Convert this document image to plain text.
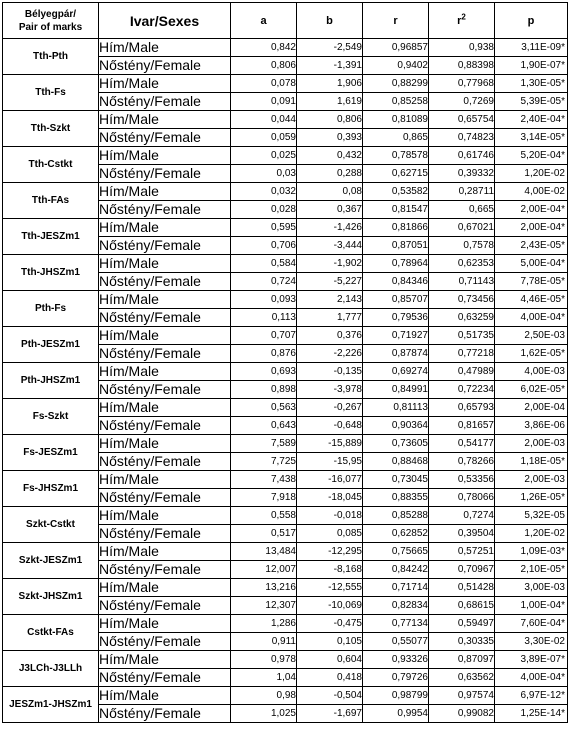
Bélyegpár/
Pair of marks	Ivar/Sexes	a	b	r	$r^2$	p
Tth-Pth	Hím/Male	0,842	-2,549	0,96857	0,938	3,11E-09*
	Nőstény/Female	0,806	-1,391	0,9402	0,88398	1,90E-07*
Tth-Fs	Hím/Male	0,078	1,906	0,88299	0,77968	1,30E-05*
	Nőstény/Female	0,091	1,619	0,85258	0,7269	5,39E-05*
Tth-Szkt	Hím/Male	0,044	0,806	0,81089	0,65754	2,40E-04*
	Nőstény/Female	0,059	0,393	0,865	0,74823	3,14E-05*
Tth-Cstkt	Hím/Male	0,025	0,432	0,78578	0,61746	5,20E-04*
	Nőstény/Female	0,03	0,288	0,62715	0,39332	1,20E-02
Tth-FAs	Hím/Male	0,032	0,08	0,53582	0,28711	4,00E-02
	Nőstény/Female	0,028	0,367	0,81547	0,665	2,00E-04*
Tth-JESZm1	Hím/Male	0,595	-1,426	0,81866	0,67021	2,00E-04*
	Nőstény/Female	0,706	-3,444	0,87051	0,7578	2,43E-05*
Tth-JHSZm1	Hím/Male	0,584	-1,902	0,78964	0,62353	5,00E-04*
	Nőstény/Female	0,724	-5,227	0,84346	0,71143	7,78E-05*
Pth-Fs	Hím/Male	0,093	2,143	0,85707	0,73456	4,46E-05*
	Nőstény/Female	0,113	1,777	0,79536	0,63259	4,00E-04*
Pth-JESZm1	Hím/Male	0,707	0,376	0,71927	0,51735	2,50E-03
	Nőstény/Female	0,876	-2,226	0,87874	0,77218	1,62E-05*
Pth-JHSZm1	Hím/Male	0,693	-0,135	0,69274	0,47989	4,00E-03
	Nőstény/Female	0,898	-3,978	0,84991	0,72234	6,02E-05*
Fs-Szkt	Hím/Male	0,563	-0,267	0,81113	0,65793	2,00E-04
	Nőstény/Female	0,643	-0,648	0,90364	0,81657	3,86E-06
Fs-JESZm1	Hím/Male	7,589	-15,889	0,73605	0,54177	2,00E-03
	Nőstény/Female	7,725	-15,95	0,88468	0,78266	1,18E-05*
Fs-JHSZm1	Hím/Male	7,438	-16,077	0,73045	0,53356	2,00E-03
	Nőstény/Female	7,918	-18,045	0,88355	0,78066	1,26E-05*
Szkt-Cstkt	Hím/Male	0,558	-0,018	0,85288	0,7274	5,32E-05
	Nőstény/Female	0,517	0,085	0,62852	0,39504	1,20E-02
Szkt-JESZm1	Hím/Male	13,484	-12,295	0,75665	0,57251	1,09E-03*
	Nőstény/Female	12,007	-8,168	0,84242	0,70967	2,10E-05*
Szkt-JHSZm1	Hím/Male	13,216	-12,555	0,71714	0,51428	3,00E-03
	Nőstény/Female	12,307	-10,069	0,82834	0,68615	1,00E-04*
Cstkt-FAs	Hím/Male	1,286	-0,475	0,77134	0,59497	7,60E-04*
	Nőstény/Female	0,911	0,105	0,55077	0,30335	3,30E-02
J3LCh-J3LLh	Hím/Male	0,978	0,604	0,93326	0,87097	3,89E-07*
	Nőstény/Female	1,04	0,418	0,79726	0,63562	4,00E-04*
JESZm1-JHSZm1	Hím/Male	0,98	-0,504	0,98799	0,97574	6,97E-12*
	Nőstény/Female	1,025	-1,697	0,9954	0,99082	1,25E-14*
